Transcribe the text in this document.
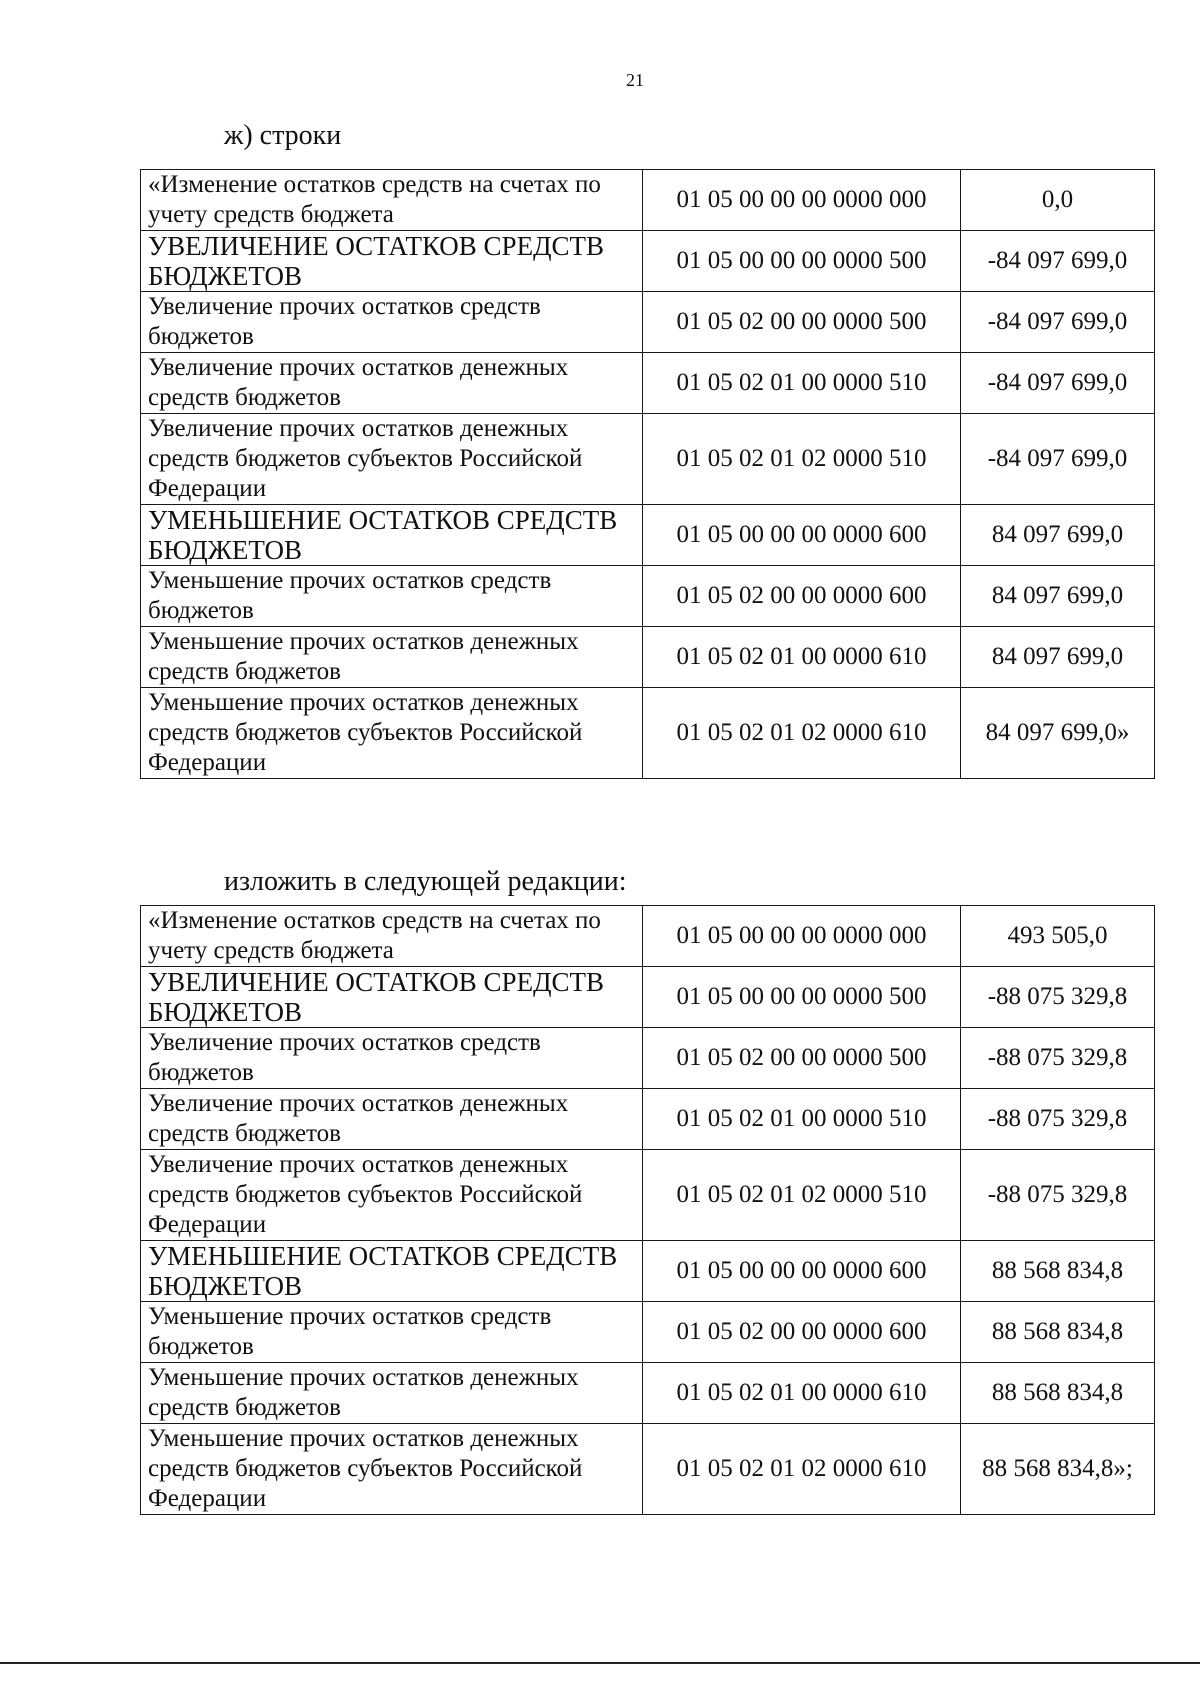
21
ж) строки
«Изменение остатков средств на счетах по учету средств бюджета	01 05 00 00 00 0000 000	0,0
УВЕЛИЧЕНИЕ ОСТАТКОВ СРЕДСТВ БЮДЖЕТОВ	01 05 00 00 00 0000 500	-84 097 699,0
Увеличение прочих остатков средств бюджетов	01 05 02 00 00 0000 500	-84 097 699,0
Увеличение прочих остатков денежных средств бюджетов	01 05 02 01 00 0000 510	-84 097 699,0
Увеличение прочих остатков денежных средств бюджетов субъектов Российской Федерации	01 05 02 01 02 0000 510	-84 097 699,0
УМЕНЬШЕНИЕ ОСТАТКОВ СРЕДСТВ БЮДЖЕТОВ	01 05 00 00 00 0000 600	84 097 699,0
Уменьшение прочих остатков средств бюджетов	01 05 02 00 00 0000 600	84 097 699,0
Уменьшение прочих остатков денежных средств бюджетов	01 05 02 01 00 0000 610	84 097 699,0
Уменьшение прочих остатков денежных средств бюджетов субъектов Российской Федерации	01 05 02 01 02 0000 610	84 097 699,0»
изложить в следующей редакции:
«Изменение остатков средств на счетах по учету средств бюджета	01 05 00 00 00 0000 000	493 505,0
УВЕЛИЧЕНИЕ ОСТАТКОВ СРЕДСТВ БЮДЖЕТОВ	01 05 00 00 00 0000 500	-88 075 329,8
Увеличение прочих остатков средств бюджетов	01 05 02 00 00 0000 500	-88 075 329,8
Увеличение прочих остатков денежных средств бюджетов	01 05 02 01 00 0000 510	-88 075 329,8
Увеличение прочих остатков денежных средств бюджетов субъектов Российской Федерации	01 05 02 01 02 0000 510	-88 075 329,8
УМЕНЬШЕНИЕ ОСТАТКОВ СРЕДСТВ БЮДЖЕТОВ	01 05 00 00 00 0000 600	88 568 834,8
Уменьшение прочих остатков средств бюджетов	01 05 02 00 00 0000 600	88 568 834,8
Уменьшение прочих остатков денежных средств бюджетов	01 05 02 01 00 0000 610	88 568 834,8
Уменьшение прочих остатков денежных средств бюджетов субъектов Российской Федерации	01 05 02 01 02 0000 610	88 568 834,8»;
